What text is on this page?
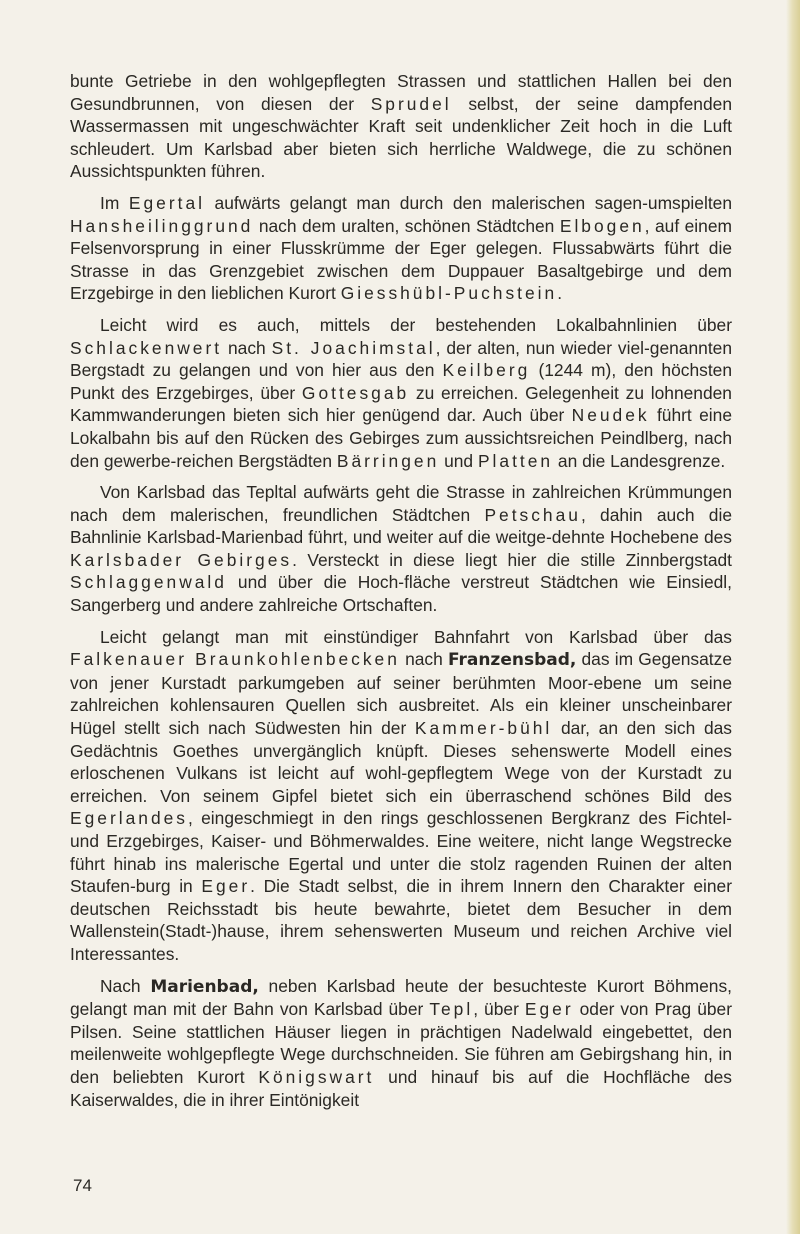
bunte Getriebe in den wohlgepflegten Strassen und stattlichen Hallen bei den Gesundbrunnen, von diesen der Sprudel selbst, der seine dampfenden Wassermassen mit ungeschwächter Kraft seit undenklicher Zeit hoch in die Luft schleudert. Um Karlsbad aber bieten sich herrliche Waldwege, die zu schönen Aussichtspunkten führen.

Im Egertal aufwärts gelangt man durch den malerischen sagen-umspielten Hansheilinggrund nach dem uralten, schönen Städtchen Elbogen, auf einem Felsenvorsprung in einer Flusskrümme der Eger gelegen. Flussabwärts führt die Strasse in das Grenzgebiet zwischen dem Duppauer Basaltgebirge und dem Erzgebirge in den lieblichen Kurort Giesshübl-Puchstein.

Leicht wird es auch, mittels der bestehenden Lokalbahnlinien über Schlackenwert nach St. Joachimstal, der alten, nun wieder viel-genannten Bergstadt zu gelangen und von hier aus den Keilberg (1244 m), den höchsten Punkt des Erzgebirges, über Gottesgab zu erreichen. Gelegenheit zu lohnenden Kammwanderungen bieten sich hier genügend dar. Auch über Neudek führt eine Lokalbahn bis auf den Rücken des Gebirges zum aussichtsreichen Peindlberg, nach den gewerbe-reichen Bergstädten Bärringen und Platten an die Landesgrenze.

Von Karlsbad das Tepltal aufwärts geht die Strasse in zahlreichen Krümmungen nach dem malerischen, freundlichen Städtchen Petschau, dahin auch die Bahnlinie Karlsbad-Marienbad führt, und weiter auf die weitge-dehnte Hochebene des Karlsbader Gebirges. Versteckt in diese liegt hier die stille Zinnbergstadt Schlaggenwald und über die Hoch-fläche verstreut Städtchen wie Einsiedl, Sangerberg und andere zahlreiche Ortschaften.

Leicht gelangt man mit einstündiger Bahnfahrt von Karlsbad über das Falkenauer Braunkohlenbecken nach Franzensbad, das im Gegensatze von jener Kurstadt parkumgeben auf seiner berühmten Moor-ebene um seine zahlreichen kohlensauren Quellen sich ausbreitet. Als ein kleiner unscheinbarer Hügel stellt sich nach Südwesten hin der Kammer-bühl dar, an den sich das Gedächtnis Goethes unvergänglich knüpft. Dieses sehenswerte Modell eines erloschenen Vulkans ist leicht auf wohl-gepflegtem Wege von der Kurstadt zu erreichen. Von seinem Gipfel bietet sich ein überraschend schönes Bild des Egerlandes, eingeschmiegt in den rings geschlossenen Bergkranz des Fichtel- und Erzgebirges, Kaiser- und Böhmerwaldes. Eine weitere, nicht lange Wegstrecke führt hinab ins malerische Egertal und unter die stolz ragenden Ruinen der alten Staufen-burg in Eger. Die Stadt selbst, die in ihrem Innern den Charakter einer deutschen Reichsstadt bis heute bewahrte, bietet dem Besucher in dem Wallenstein(Stadt-)hause, ihrem sehenswerten Museum und reichen Archive viel Interessantes.

Nach Marienbad, neben Karlsbad heute der besuchteste Kurort Böhmens, gelangt man mit der Bahn von Karlsbad über Tepl, über Eger oder von Prag über Pilsen. Seine stattlichen Häuser liegen in prächtigen Nadelwald eingebettet, den meilenweite wohlgepflegte Wege durchschneiden. Sie führen am Gebirgshang hin, in den beliebten Kurort Königswart und hinauf bis auf die Hochfläche des Kaiserwaldes, die in ihrer Eintönigkeit

74
